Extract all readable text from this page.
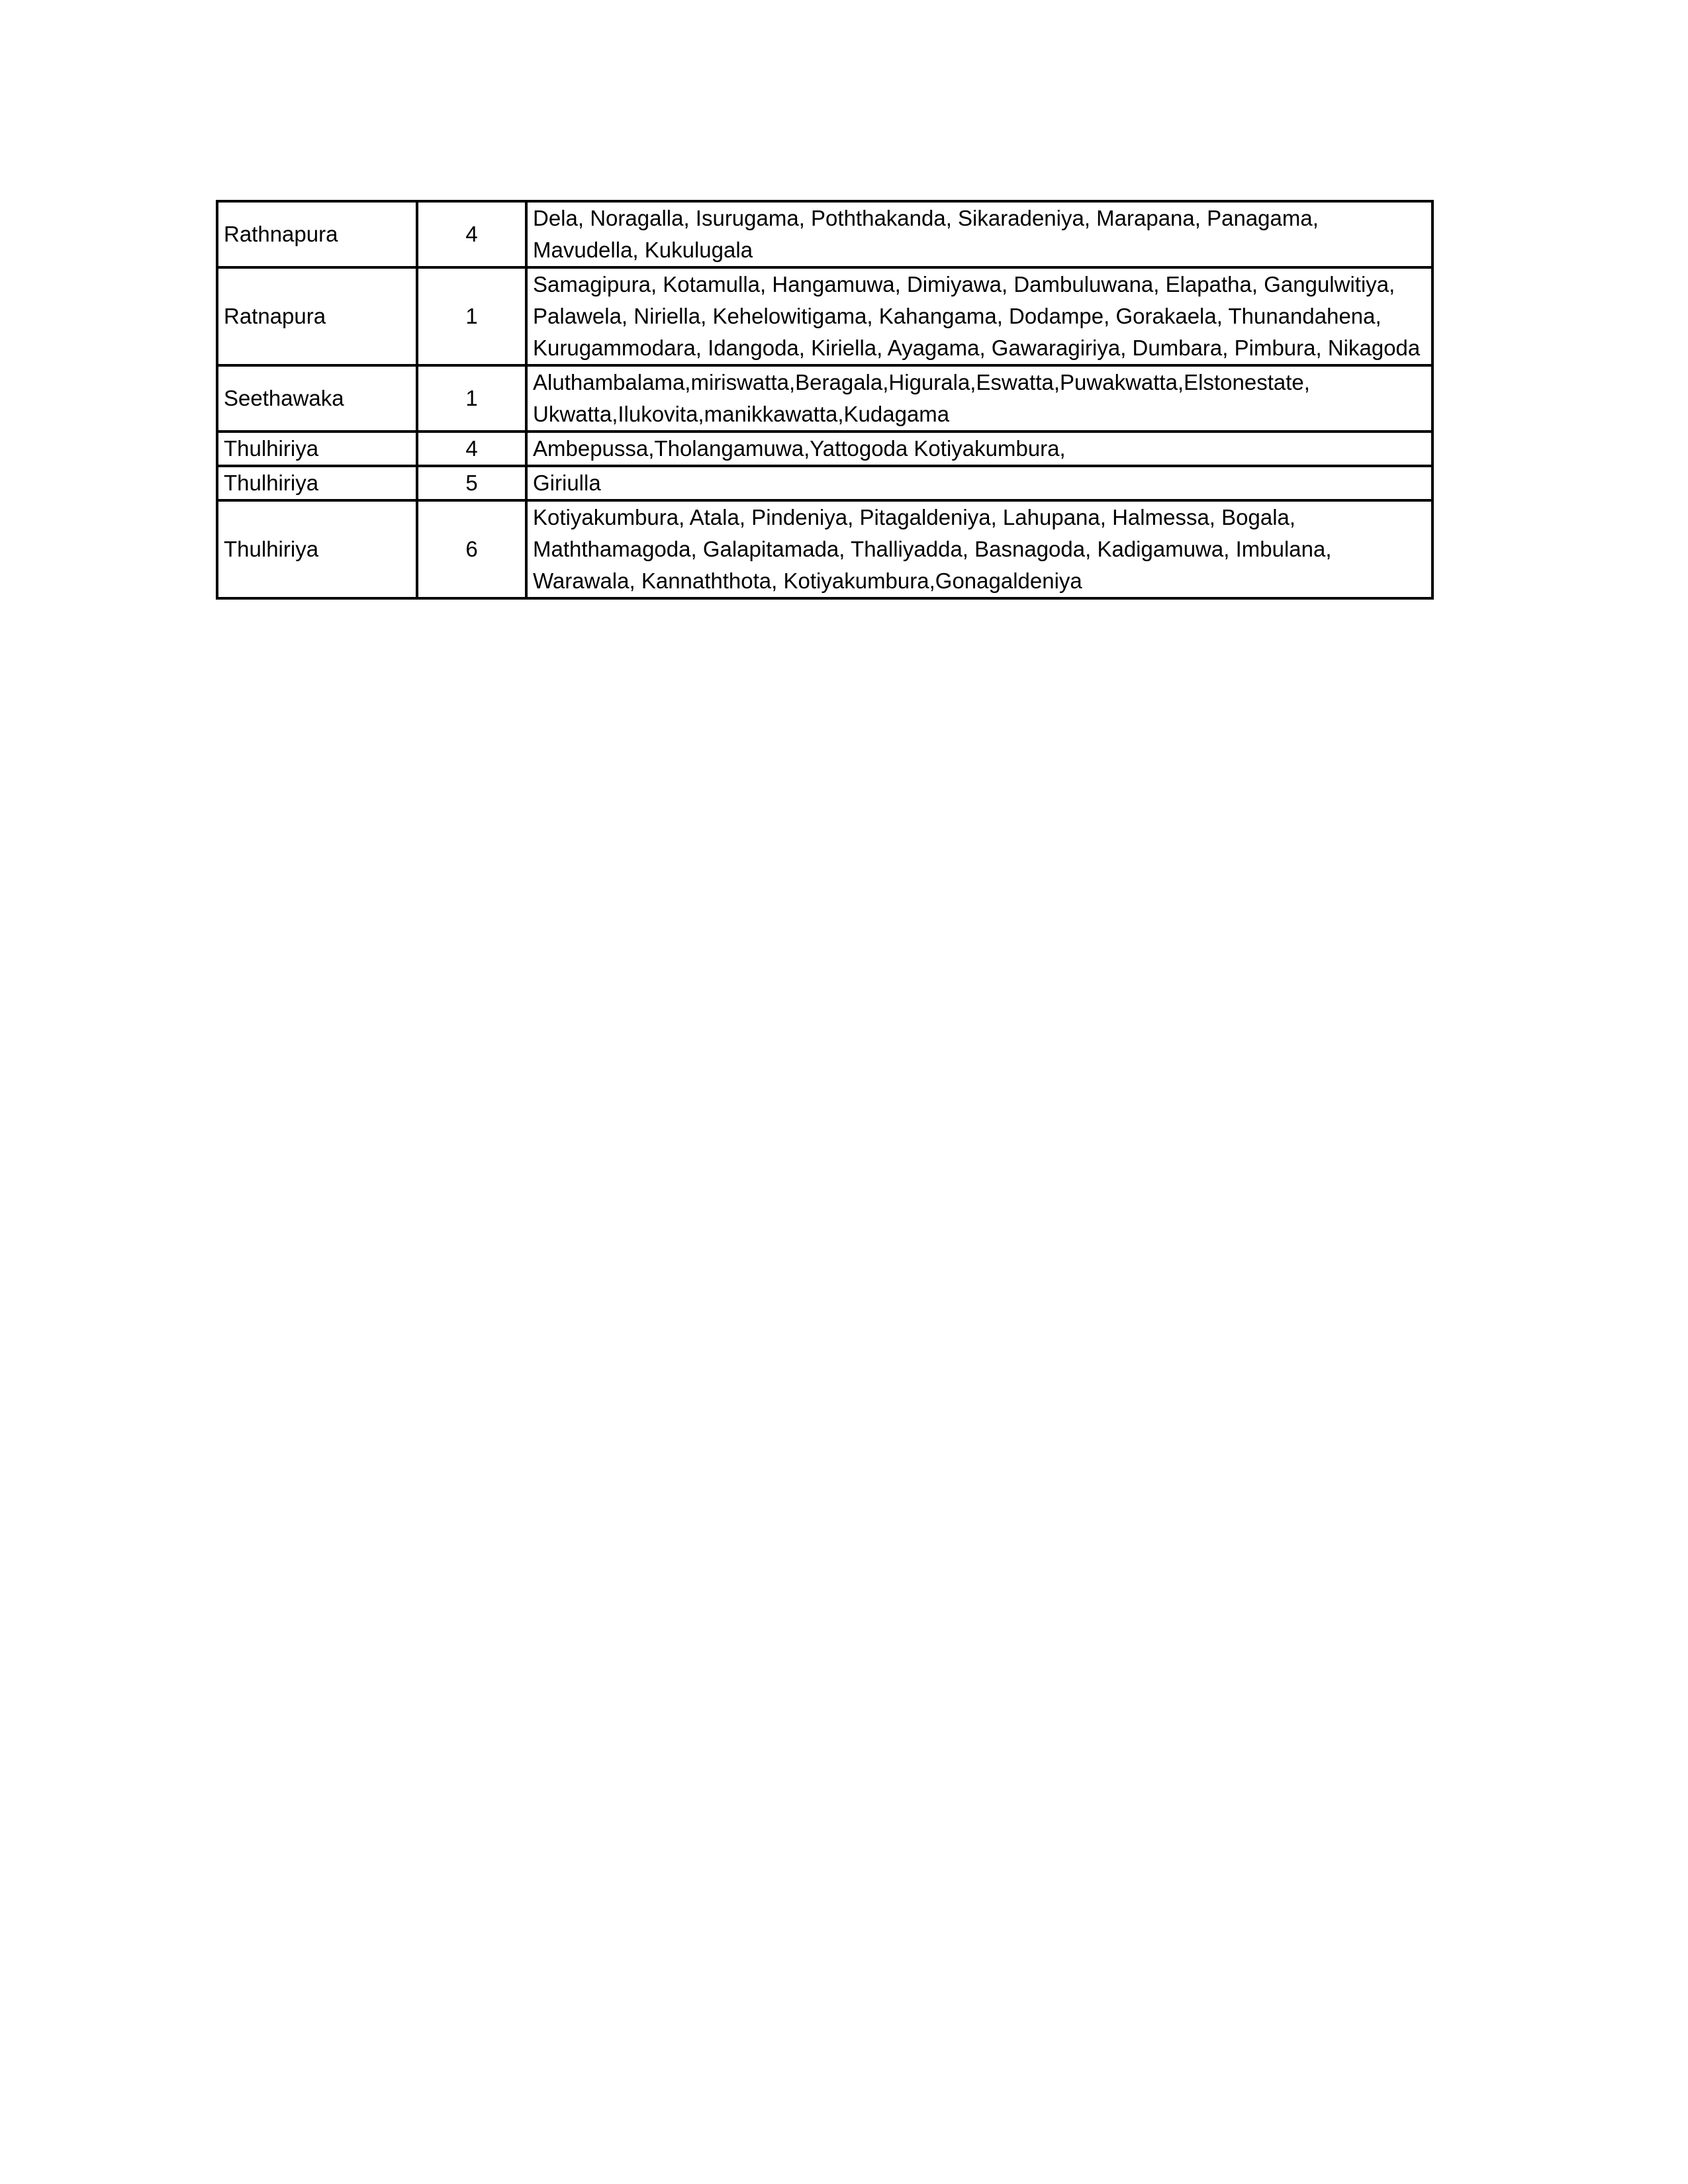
Rathnapura	4	Dela, Noragalla, Isurugama, Poththakanda, Sikaradeniya, Marapana, Panagama, Mavudella, Kukulugala

Ratnapura	1	Samagipura, Kotamulla, Hangamuwa, Dimiyawa, Dambuluwana, Elapatha, Gangulwitiya, Palawela, Niriella, Kehelowitigama, Kahangama, Dodampe, Gorakaela, Thunandahena, Kurugammodara, Idangoda, Kiriella, Ayagama, Gawaragiriya, Dumbara, Pimbura, Nikagoda

Seethawaka	1	Aluthambalama,miriswatta,Beragala,Higurala,Eswatta,Puwakwatta,Elstonestate, Ukwatta,Ilukovita,manikkawatta,Kudagama

Thulhiriya	4	Ambepussa,Tholangamuwa,Yattogoda Kotiyakumbura,

Thulhiriya	5	Giriulla

Thulhiriya	6	Kotiyakumbura, Atala, Pindeniya, Pitagaldeniya, Lahupana, Halmessa, Bogala, Maththamagoda, Galapitamada, Thalliyadda, Basnagoda, Kadigamuwa, Imbulana, Warawala, Kannaththota, Kotiyakumbura,Gonagaldeniya
